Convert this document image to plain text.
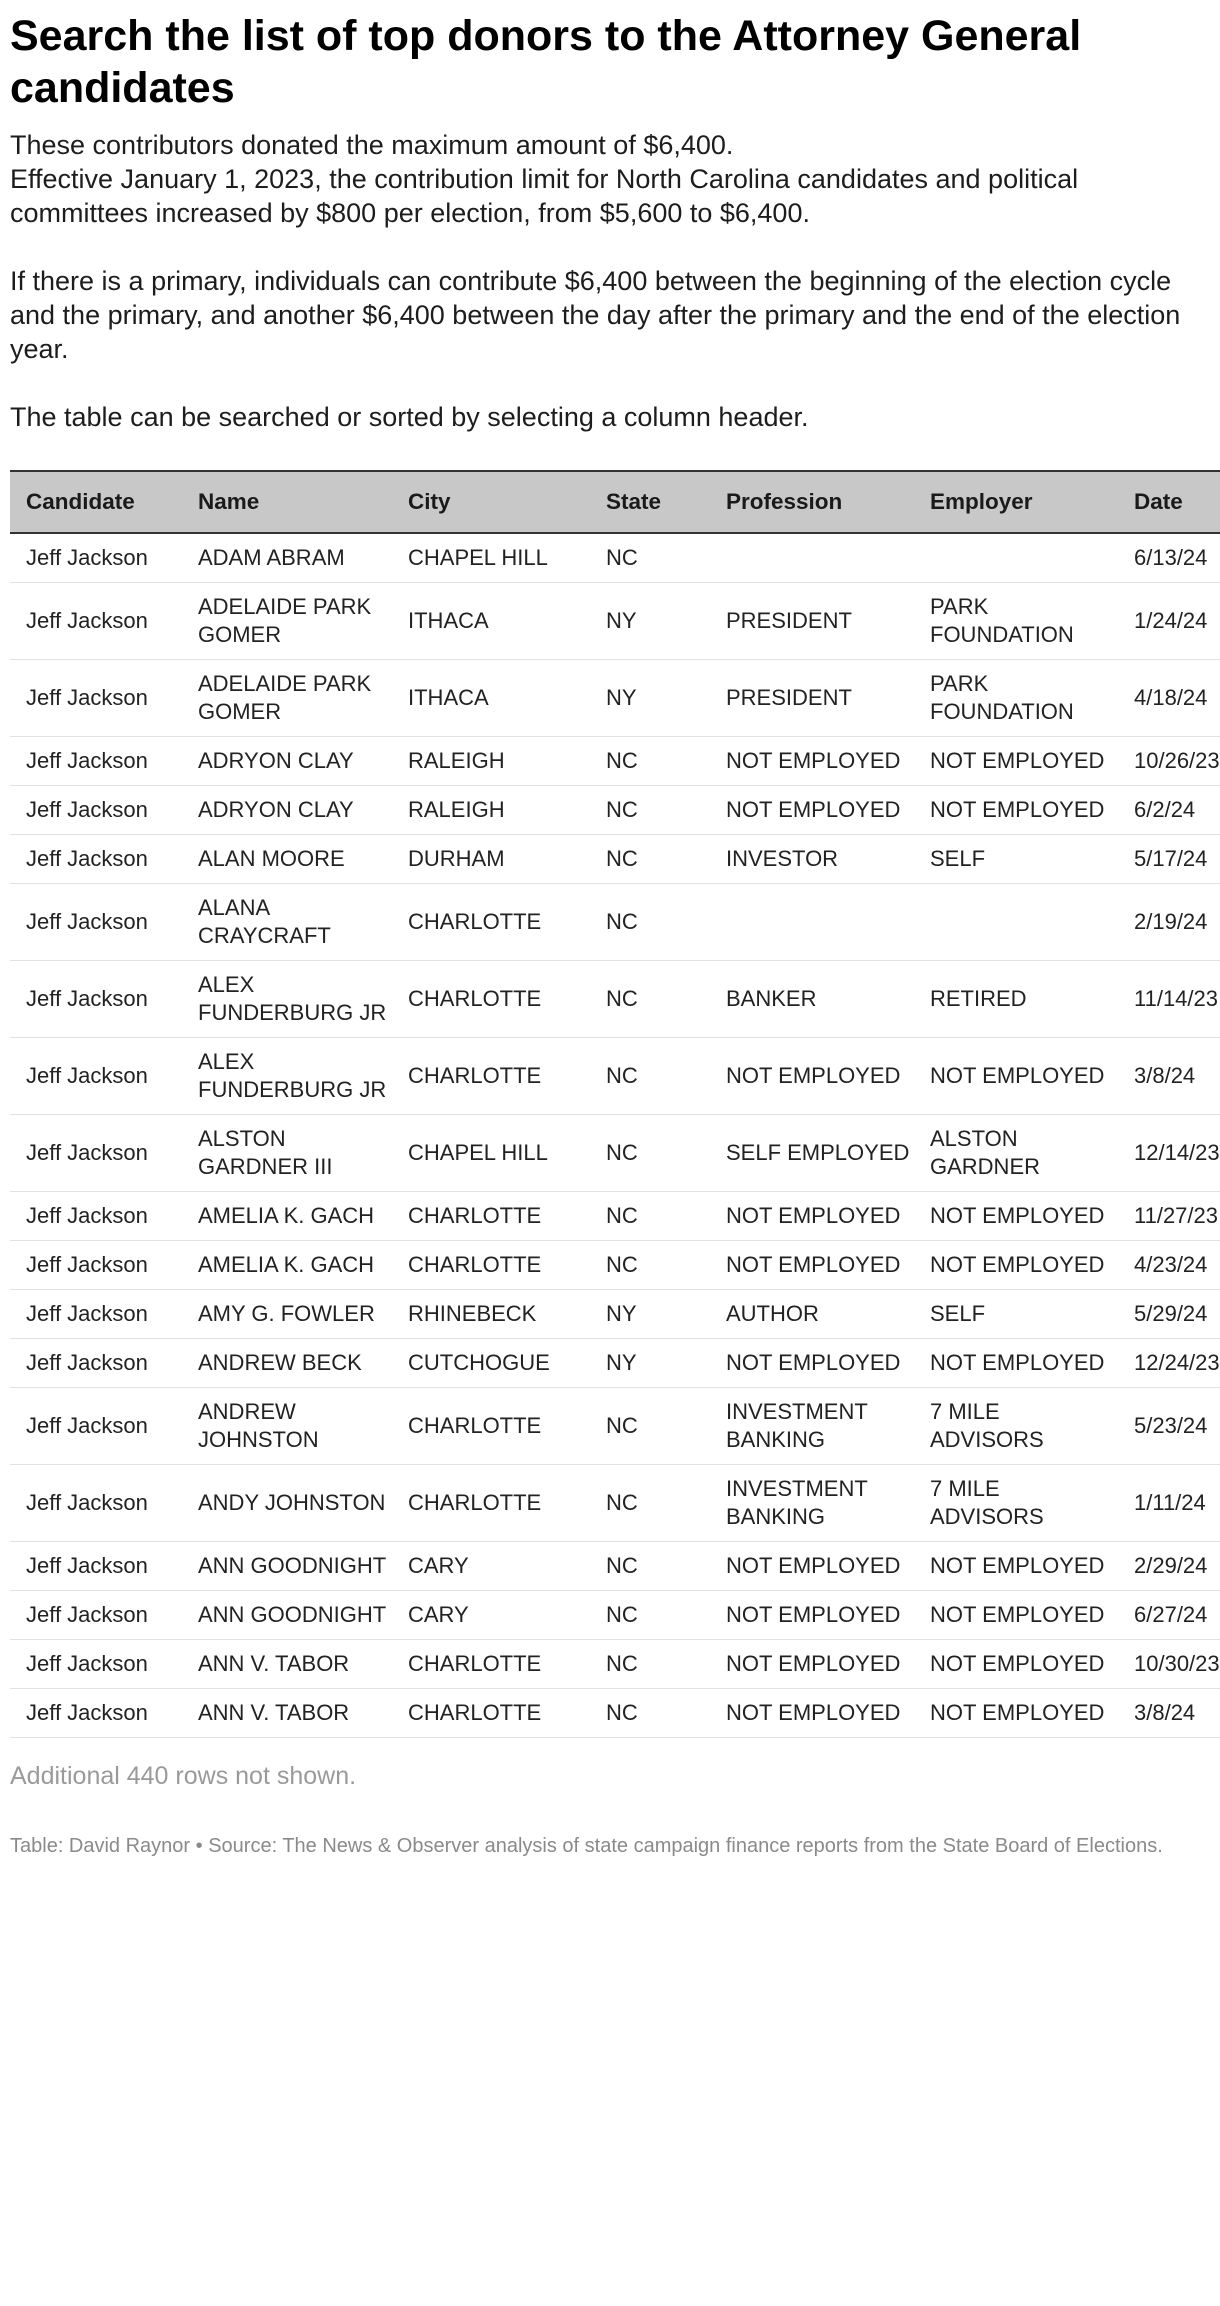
Search the list of top donors to the Attorney General candidates

These contributors donated the maximum amount of $6,400.

Effective January 1, 2023, the contribution limit for North Carolina candidates and political committees increased by $800 per election, from $5,600 to $6,400.

If there is a primary, individuals can contribute $6,400 between the beginning of the election cycle and the primary, and another $6,400 between the day after the primary and the end of the election year.

The table can be searched or sorted by selecting a column header.

Candidate	Name	City	State	Profession	Employer	Date
Jeff Jackson	ADAM ABRAM	CHAPEL HILL	NC			6/13/24
Jeff Jackson	ADELAIDE PARK GOMER	ITHACA	NY	PRESIDENT	PARK FOUNDATION	1/24/24
Jeff Jackson	ADELAIDE PARK GOMER	ITHACA	NY	PRESIDENT	PARK FOUNDATION	4/18/24
Jeff Jackson	ADRYON CLAY	RALEIGH	NC	NOT EMPLOYED	NOT EMPLOYED	10/26/23
Jeff Jackson	ADRYON CLAY	RALEIGH	NC	NOT EMPLOYED	NOT EMPLOYED	6/2/24
Jeff Jackson	ALAN MOORE	DURHAM	NC	INVESTOR	SELF	5/17/24
Jeff Jackson	ALANA CRAYCRAFT	CHARLOTTE	NC			2/19/24
Jeff Jackson	ALEX FUNDERBURG JR	CHARLOTTE	NC	BANKER	RETIRED	11/14/23
Jeff Jackson	ALEX FUNDERBURG JR	CHARLOTTE	NC	NOT EMPLOYED	NOT EMPLOYED	3/8/24
Jeff Jackson	ALSTON GARDNER III	CHAPEL HILL	NC	SELF EMPLOYED	ALSTON GARDNER	12/14/23
Jeff Jackson	AMELIA K. GACH	CHARLOTTE	NC	NOT EMPLOYED	NOT EMPLOYED	11/27/23
Jeff Jackson	AMELIA K. GACH	CHARLOTTE	NC	NOT EMPLOYED	NOT EMPLOYED	4/23/24
Jeff Jackson	AMY G. FOWLER	RHINEBECK	NY	AUTHOR	SELF	5/29/24
Jeff Jackson	ANDREW BECK	CUTCHOGUE	NY	NOT EMPLOYED	NOT EMPLOYED	12/24/23
Jeff Jackson	ANDREW JOHNSTON	CHARLOTTE	NC	INVESTMENT BANKING	7 MILE ADVISORS	5/23/24
Jeff Jackson	ANDY JOHNSTON	CHARLOTTE	NC	INVESTMENT BANKING	7 MILE ADVISORS	1/11/24
Jeff Jackson	ANN GOODNIGHT	CARY	NC	NOT EMPLOYED	NOT EMPLOYED	2/29/24
Jeff Jackson	ANN GOODNIGHT	CARY	NC	NOT EMPLOYED	NOT EMPLOYED	6/27/24
Jeff Jackson	ANN V. TABOR	CHARLOTTE	NC	NOT EMPLOYED	NOT EMPLOYED	10/30/23
Jeff Jackson	ANN V. TABOR	CHARLOTTE	NC	NOT EMPLOYED	NOT EMPLOYED	3/8/24
Additional 440 rows not shown.
Table: David Raynor • Source: The News & Observer analysis of state campaign finance reports from the State Board of Elections.
